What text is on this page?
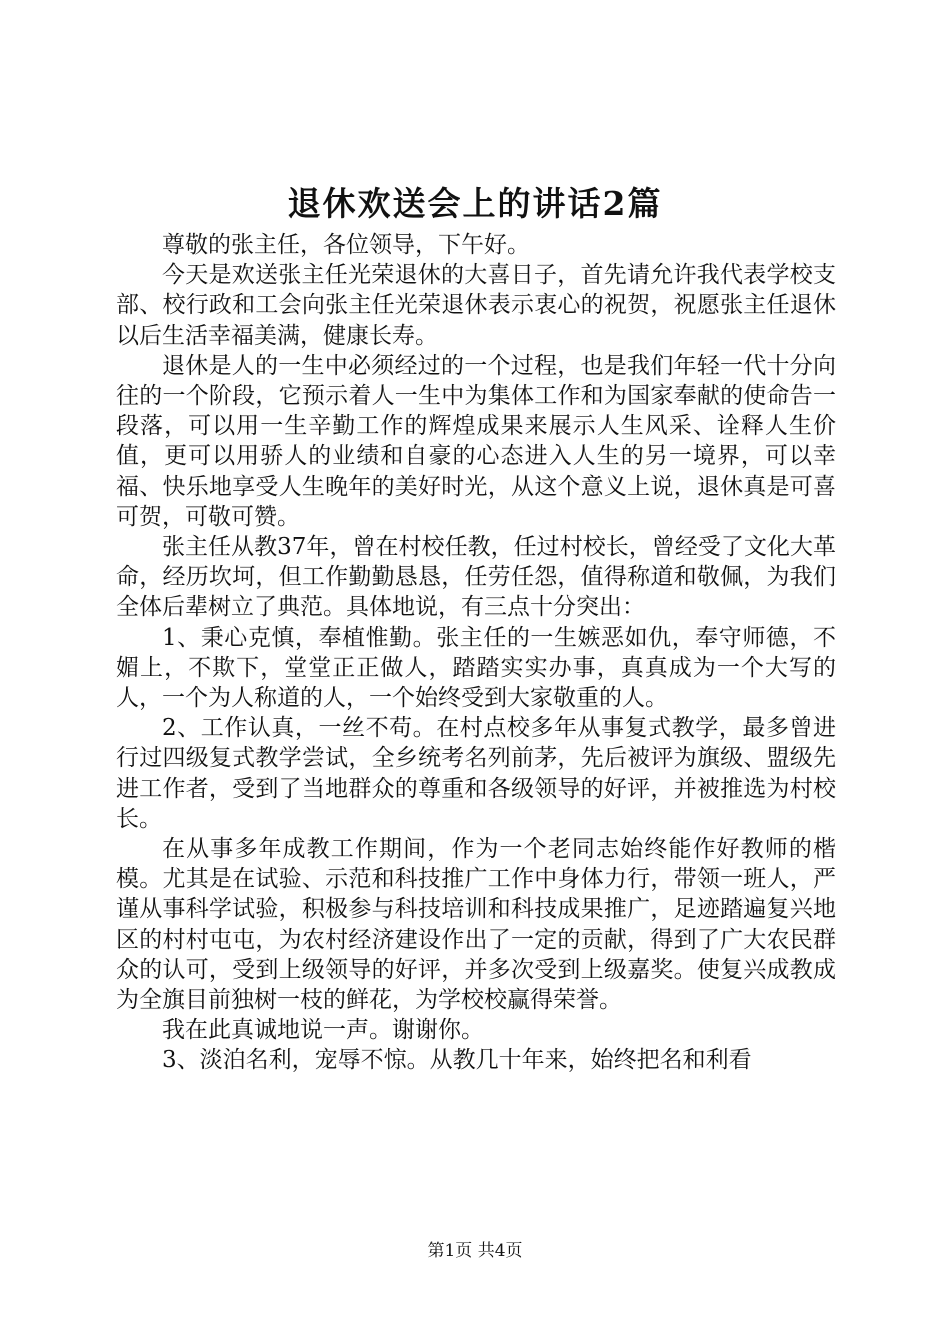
退休欢送会上的讲话2篇

尊敬的张主任，各位领导，下午好。

今天是欢送张主任光荣退休的大喜日子，首先请允许我代表学校支部、校行政和工会向张主任光荣退休表示衷心的祝贺，祝愿张主任退休以后生活幸福美满，健康长寿。

退休是人的一生中必须经过的一个过程，也是我们年轻一代十分向往的一个阶段，它预示着人一生中为集体工作和为国家奉献的使命告一段落，可以用一生辛勤工作的辉煌成果来展示人生风采、诠释人生价值，更可以用骄人的业绩和自豪的心态进入人生的另一境界，可以幸福、快乐地享受人生晚年的美好时光，从这个意义上说，退休真是可喜可贺，可敬可赞。

张主任从教37年，曾在村校任教，任过村校长，曾经受了文化大革命，经历坎坷，但工作勤勤恳恳，任劳任怨，值得称道和敬佩，为我们全体后辈树立了典范。具体地说，有三点十分突出：

1、秉心克慎，奉植惟勤。张主任的一生嫉恶如仇，奉守师德，不媚上，不欺下，堂堂正正做人，踏踏实实办事，真真成为一个大写的人，一个为人称道的人，一个始终受到大家敬重的人。

2、工作认真，一丝不苟。在村点校多年从事复式教学，最多曾进行过四级复式教学尝试，全乡统考名列前茅，先后被评为旗级、盟级先进工作者，受到了当地群众的尊重和各级领导的好评，并被推选为村校长。

在从事多年成教工作期间，作为一个老同志始终能作好教师的楷模。尤其是在试验、示范和科技推广工作中身体力行，带领一班人，严谨从事科学试验，积极参与科技培训和科技成果推广，足迹踏遍复兴地区的村村屯屯，为农村经济建设作出了一定的贡献，得到了广大农民群众的认可，受到上级领导的好评，并多次受到上级嘉奖。使复兴成教成为全旗目前独树一枝的鲜花，为学校校赢得荣誉。

我在此真诚地说一声。谢谢你。

3、淡泊名利，宠辱不惊。从教几十年来，始终把名和利看

第1页 共4页
